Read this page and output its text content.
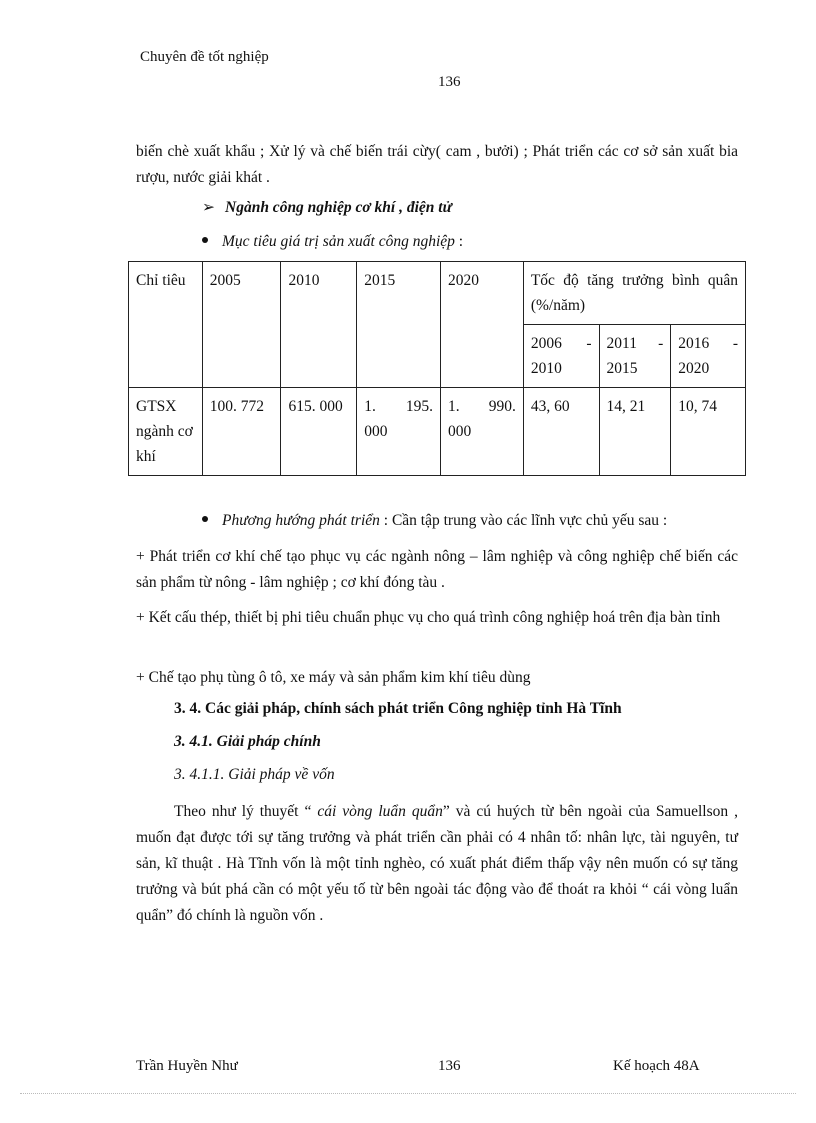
Chuyên đề tốt nghiệp
136
biến chè xuất khẩu ; Xử lý và chế biến trái cừy( cam , bưởi) ; Phát triển các cơ sở sản xuất bia rượu, nước giải khát .
➢ Ngành công nghiệp cơ khí , điện tử
Mục tiêu giá trị sản xuất công nghiệp :
Chỉ tiêu	2005	2010	2015	2020	Tốc độ tăng trưởng bình quân (%/năm)		
					2006 - 2010	2011 - 2015	2016 - 2020
GTSX ngành cơ khí	100. 772	615. 000	1. 195. 000	1. 990. 000	43, 60	14, 21	10, 74
Phương hướng phát triển : Cần tập trung vào các lĩnh vực chủ yếu sau :
+ Phát triển cơ khí chế tạo phục vụ các ngành nông – lâm nghiệp và công nghiệp chế biến các sản phẩm từ nông - lâm nghiệp ; cơ khí đóng tàu .
+ Kết cấu thép, thiết bị phi tiêu chuẩn phục vụ cho quá trình công nghiệp hoá trên địa bàn tỉnh
+ Chế tạo phụ tùng ô tô, xe máy và sản phẩm kim khí tiêu dùng
3. 4. Các giải pháp, chính sách phát triển Công nghiệp tỉnh Hà Tĩnh
3. 4.1. Giải pháp chính
3. 4.1.1. Giải pháp về vốn
Theo như lý thuyết “ cái vòng luẩn quẩn” và cú huých từ bên ngoài của Samuellson , muốn đạt được tới sự tăng trưởng và phát triển cần phải có 4 nhân tố: nhân lực, tài nguyên, tư sản, kĩ thuật . Hà Tĩnh vốn là một tỉnh nghèo, có xuất phát điểm thấp vậy nên muốn có sự tăng trưởng và bút phá cần có một yếu tố từ bên ngoài tác động vào để thoát ra khỏi “ cái vòng luẩn quẩn” đó chính là nguồn vốn .
Trần Huyền Như	136	Kế hoạch 48A
